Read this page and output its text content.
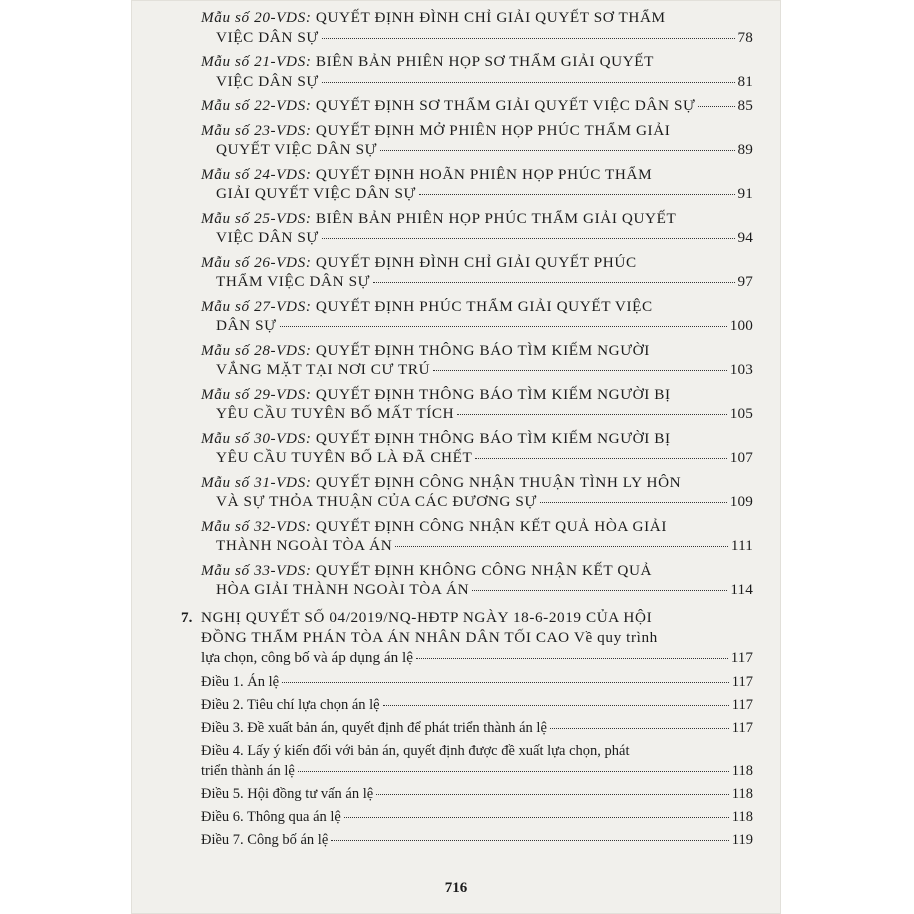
Mẫu số 20-VDS: QUYẾT ĐỊNH ĐÌNH CHỈ GIẢI QUYẾT SƠ THẨM
VIỆC DÂN SỰ	78
Mẫu số 21-VDS: BIÊN BẢN PHIÊN HỌP SƠ THẨM GIẢI QUYẾT
VIỆC DÂN SỰ	81
Mẫu số 22-VDS: QUYẾT ĐỊNH SƠ THẨM GIẢI QUYẾT VIỆC DÂN SỰ	85
Mẫu số 23-VDS: QUYẾT ĐỊNH MỞ PHIÊN HỌP PHÚC THẨM GIẢI
QUYẾT VIỆC DÂN SỰ	89
Mẫu số 24-VDS: QUYẾT ĐỊNH HOÃN PHIÊN HỌP PHÚC THẨM
GIẢI QUYẾT VIỆC DÂN SỰ	91
Mẫu số 25-VDS: BIÊN BẢN PHIÊN HỌP PHÚC THẨM GIẢI QUYẾT
VIỆC DÂN SỰ	94
Mẫu số 26-VDS: QUYẾT ĐỊNH ĐÌNH CHỈ GIẢI QUYẾT PHÚC
THẨM VIỆC DÂN SỰ	97
Mẫu số 27-VDS: QUYẾT ĐỊNH PHÚC THẨM GIẢI QUYẾT VIỆC
DÂN SỰ	100
Mẫu số 28-VDS: QUYẾT ĐỊNH THÔNG BÁO TÌM KIẾM NGƯỜI
VẮNG MẶT TẠI NƠI CƯ TRÚ	103
Mẫu số 29-VDS: QUYẾT ĐỊNH THÔNG BÁO TÌM KIẾM NGƯỜI BỊ
YÊU CẦU TUYÊN BỐ MẤT TÍCH	105
Mẫu số 30-VDS: QUYẾT ĐỊNH THÔNG BÁO TÌM KIẾM NGƯỜI BỊ
YÊU CẦU TUYÊN BỐ LÀ ĐÃ CHẾT	107
Mẫu số 31-VDS: QUYẾT ĐỊNH CÔNG NHẬN THUẬN TÌNH LY HÔN
VÀ SỰ THỎA THUẬN CỦA CÁC ĐƯƠNG SỰ	109
Mẫu số 32-VDS: QUYẾT ĐỊNH CÔNG NHẬN KẾT QUẢ HÒA GIẢI
THÀNH NGOÀI TÒA ÁN	111
Mẫu số 33-VDS: QUYẾT ĐỊNH KHÔNG CÔNG NHẬN KẾT QUẢ
HÒA GIẢI THÀNH NGOÀI TÒA ÁN	114
7. NGHỊ QUYẾT SỐ 04/2019/NQ-HĐTP NGÀY 18-6-2019 CỦA HỘI
ĐỒNG THẨM PHÁN TÒA ÁN NHÂN DÂN TỐI CAO Về quy trình
lựa chọn, công bố và áp dụng án lệ	117
Điều 1. Án lệ	117
Điều 2. Tiêu chí lựa chọn án lệ	117
Điều 3. Đề xuất bản án, quyết định để phát triển thành án lệ	117
Điều 4. Lấy ý kiến đối với bản án, quyết định được đề xuất lựa chọn, phát
triển thành án lệ	118
Điều 5. Hội đồng tư vấn án lệ	118
Điều 6. Thông qua án lệ	118
Điều 7. Công bố án lệ	119
716
